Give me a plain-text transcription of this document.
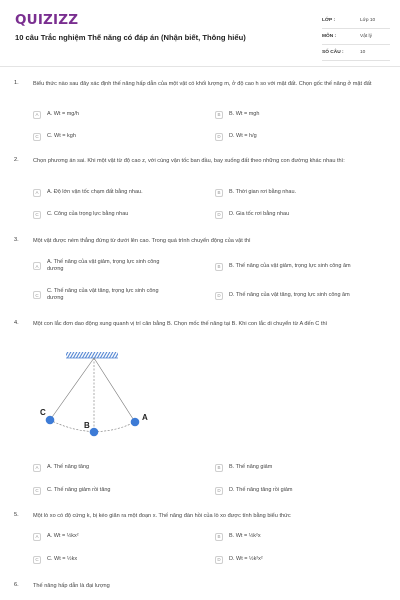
QUIZIZZ
10 câu Trắc nghiệm Thế năng có đáp án (Nhận biết, Thông hiểu)
LỚP :	Lớp 10
MÔN :	Vật lý
SỐ CÂU :	10
1.	Biểu thức nào sau đây xác định thế năng hấp dẫn của một vật có khối lượng m, ở độ cao h so với mặt đất. Chọn gốc thế năng ở mặt đất
A	A. Wt = mg/h	B	B. Wt = mgh
C	C. Wt = kgh	D	D. Wt = h/g
2.	Chọn phương án sai. Khi một vật từ độ cao z, với cùng vận tốc ban đầu, bay xuống đất theo những con đường khác nhau thì:
A	A. Độ lớn vận tốc chạm đất bằng nhau.	B	B. Thời gian rơi bằng nhau.
C	C. Công của trọng lực bằng nhau	D	D. Gia tốc rơi bằng nhau
3.	Một vật được ném thẳng đứng từ dưới lên cao. Trong quá trình chuyển động của vật thì
A
A. Thế năng của vật giảm, trọng lực sinh công dương	B	B. Thế năng của vật giảm, trọng lực sinh công âm
C
C. Thế năng của vật tăng, trọng lực sinh công dương	D	D. Thế năng của vật tăng, trọng lực sinh công âm
4.	Một con lắc đơn dao động xung quanh vị trí cân bằng B. Chọn mốc thế năng tại B. Khi con lắc di chuyển từ A đến C thì
A	A. Thế năng tăng	B	B. Thế năng giảm
C	C. Thế năng giảm rồi tăng	D	D. Thế năng tăng rồi giảm
C
B
A
5.	Một lò xo có độ cứng k, bị kéo giãn ra một đoạn x. Thế năng đàn hồi của lò xo được tính bằng biểu thức
A	A. Wt = ½kx²	B	B. Wt = ½k²x
C	C. Wt = ½kx	D	D. Wt = ½k²x²
6.	Thế năng hấp dẫn là đại lượng
